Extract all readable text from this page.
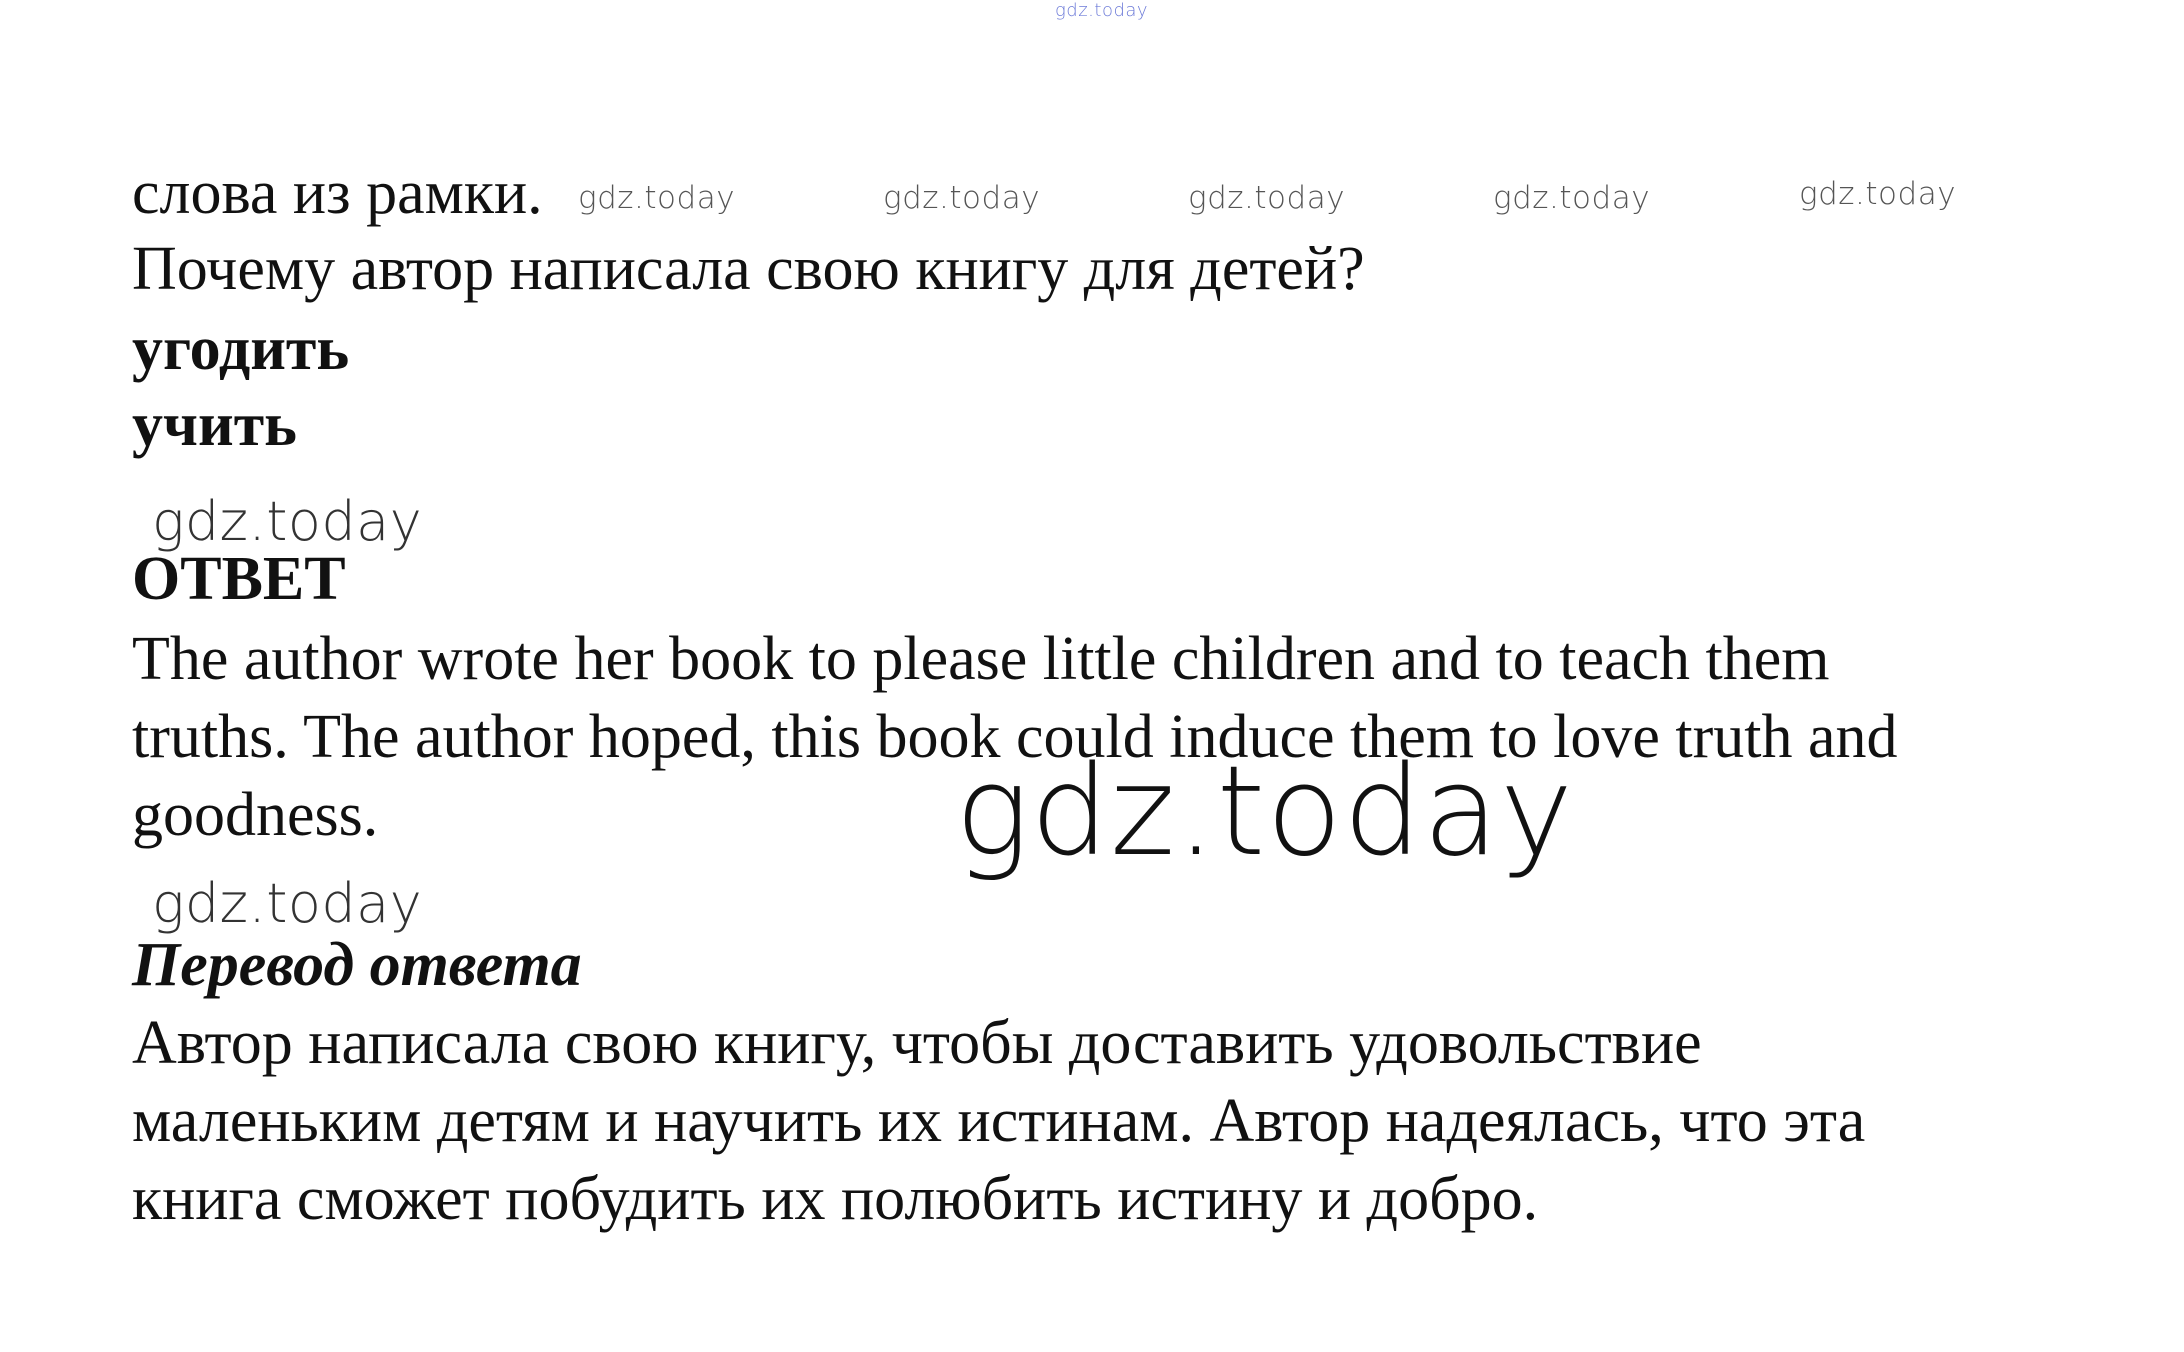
gdz.today
слова из рамки. gdz.today	gdz.today	gdz.today	gdz.today	gdz.today
Почему автор написала свою книгу для детей?
угодить
учить
gdz.today
ОТВЕТ
The author wrote her book to please little children and to teach them
truths. The author hoped, this book could induce them to love truth and
goodness.	gdz.today
gdz.today
Перевод ответа
Автор написала свою книгу, чтобы доставить удовольствие
маленьким детям и научить их истинам. Автор надеялась, что эта
книга сможет побудить их полюбить истину и добро.
